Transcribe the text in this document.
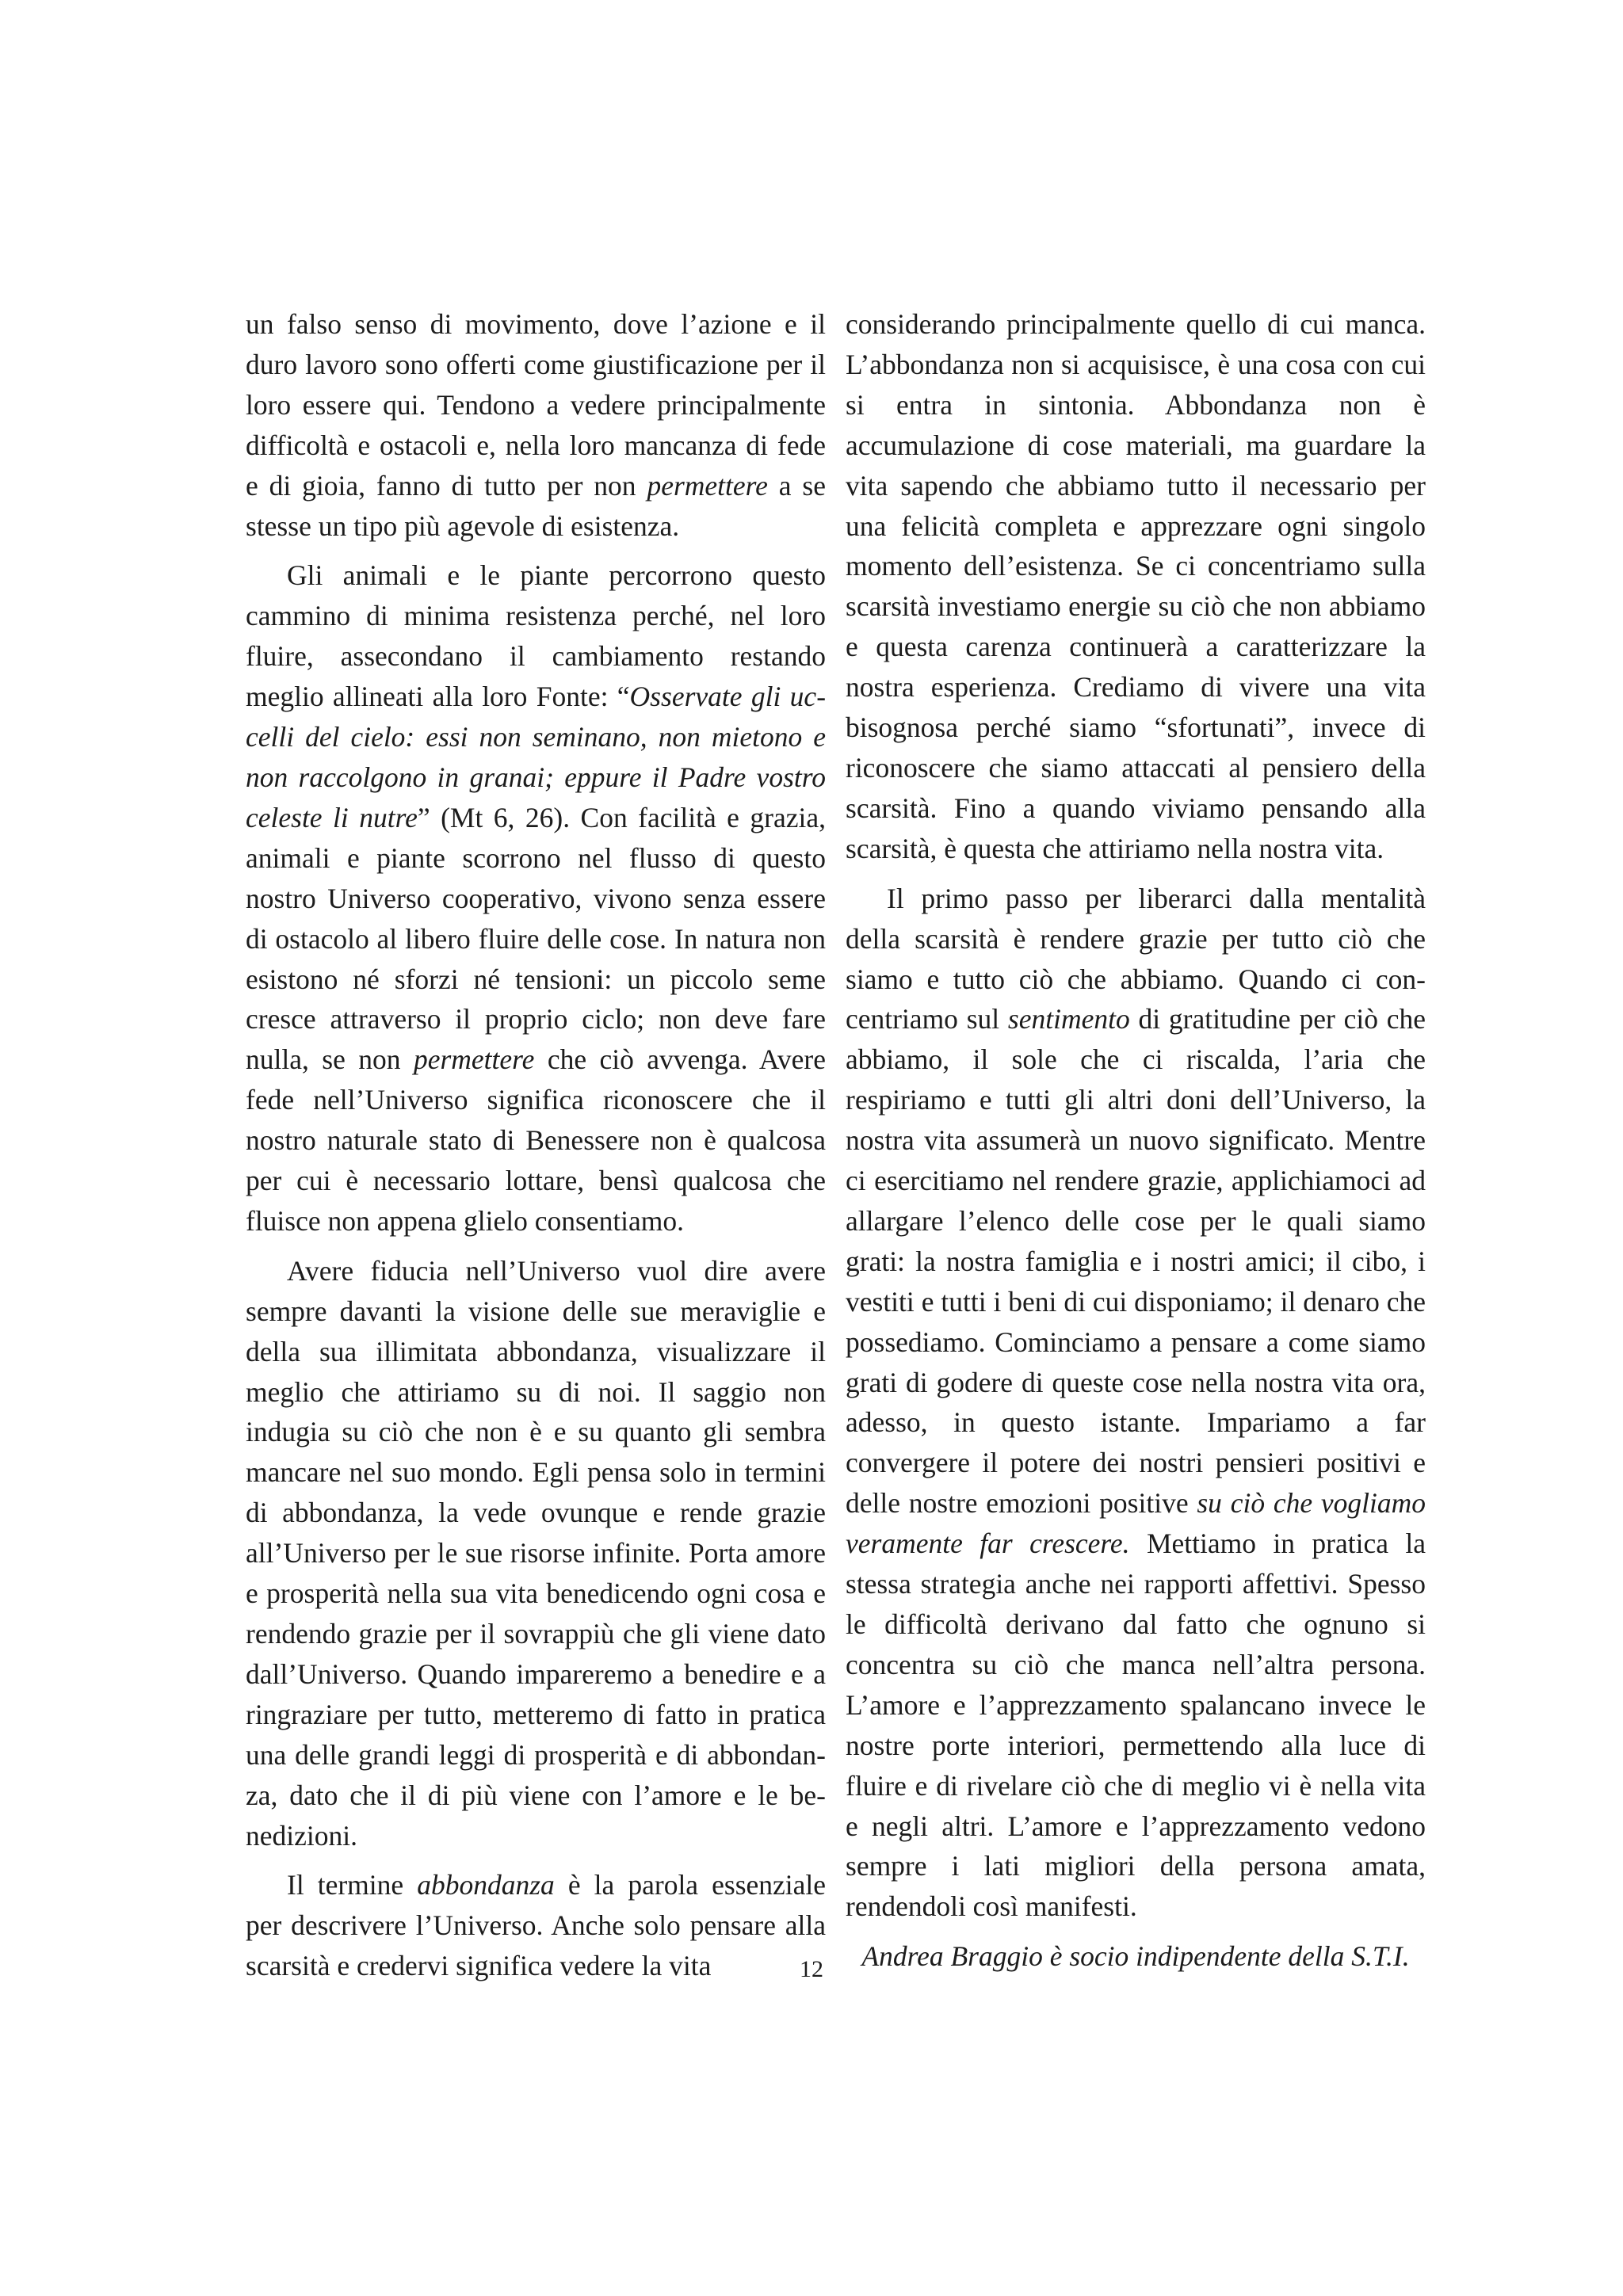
un falso senso di movimento, dove l’azione e il duro lavoro sono offerti come giustificazione per il loro essere qui. Tendono a vedere principalmente difficoltà e ostacoli e, nella loro mancanza di fede e di gioia, fanno di tutto per non permettere a se stesse un tipo più agevole di esistenza.

Gli animali e le piante percorrono questo cammino di minima resistenza perché, nel loro fluire, assecondano il cambiamento restando meglio allineati alla loro Fonte: “Osservate gli uccelli del cielo: essi non seminano, non mietono e non raccolgono in granai; eppure il Padre vostro celeste li nutre” (Mt 6, 26). Con facilità e grazia, animali e piante scorrono nel flusso di questo nostro Universo cooperativo, vivono senza essere di ostacolo al libero fluire delle cose. In natura non esistono né sforzi né tensioni: un piccolo seme cresce attraverso il proprio ciclo; non deve fare nulla, se non permettere che ciò avvenga. Avere fede nell’Universo significa riconoscere che il nostro naturale stato di Benessere non è qualcosa per cui è necessario lottare, bensì qualcosa che fluisce non appena glielo consentiamo.

Avere fiducia nell’Universo vuol dire avere sempre davanti la visione delle sue meraviglie e della sua illimitata abbondanza, visualizzare il meglio che attiriamo su di noi. Il saggio non indugia su ciò che non è e su quanto gli sembra mancare nel suo mondo. Egli pensa solo in termini di abbondanza, la vede ovunque e rende grazie all’Universo per le sue risorse infinite. Porta amore e prosperità nella sua vita benedicendo ogni cosa e rendendo grazie per il sovrappiù che gli viene dato dall’Universo. Quando impareremo a benedire e a ringraziare per tutto, metteremo di fatto in pratica una delle grandi leggi di prosperità e di abbondanza, dato che il di più viene con l’amore e le benedizioni.

Il termine abbondanza è la parola essenziale per descrivere l’Universo. Anche solo pensare alla scarsità e credervi significa vedere la vita

considerando principalmente quello di cui manca. L’abbondanza non si acquisisce, è una cosa con cui si entra in sintonia. Abbondanza non è accumulazione di cose materiali, ma guardare la vita sapendo che abbiamo tutto il necessario per una felicità completa e apprezzare ogni singolo momento dell’esistenza. Se ci concentriamo sulla scarsità investiamo energie su ciò che non abbiamo e questa carenza continuerà a caratterizzare la nostra esperienza. Crediamo di vivere una vita bisognosa perché siamo “sfortunati”, invece di riconoscere che siamo attaccati al pensiero della scarsità. Fino a quando viviamo pensando alla scarsità, è questa che attiriamo nella nostra vita.

Il primo passo per liberarci dalla mentalità della scarsità è rendere grazie per tutto ciò che siamo e tutto ciò che abbiamo. Quando ci concentriamo sul sentimento di gratitudine per ciò che abbiamo, il sole che ci riscalda, l’aria che respiriamo e tutti gli altri doni dell’Universo, la nostra vita assumerà un nuovo significato. Mentre ci esercitiamo nel rendere grazie, applichiamoci ad allargare l’elenco delle cose per le quali siamo grati: la nostra famiglia e i nostri amici; il cibo, i vestiti e tutti i beni di cui disponiamo; il denaro che possediamo. Cominciamo a pensare a come siamo grati di godere di queste cose nella nostra vita ora, adesso, in questo istante. Impariamo a far convergere il potere dei nostri pensieri positivi e delle nostre emozioni positive su ciò che vogliamo veramente far crescere. Mettiamo in pratica la stessa strategia anche nei rapporti affettivi. Spesso le difficoltà derivano dal fatto che ognuno si concentra su ciò che manca nell’altra persona. L’amore e l’apprezzamento spalancano invece le nostre porte interiori, permettendo alla luce di fluire e di rivelare ciò che di meglio vi è nella vita e negli altri. L’amore e l’apprezzamento vedono sempre i lati migliori della persona amata, rendendoli così manifesti.

Andrea Braggio è socio indipendente della S.T.I.

12
